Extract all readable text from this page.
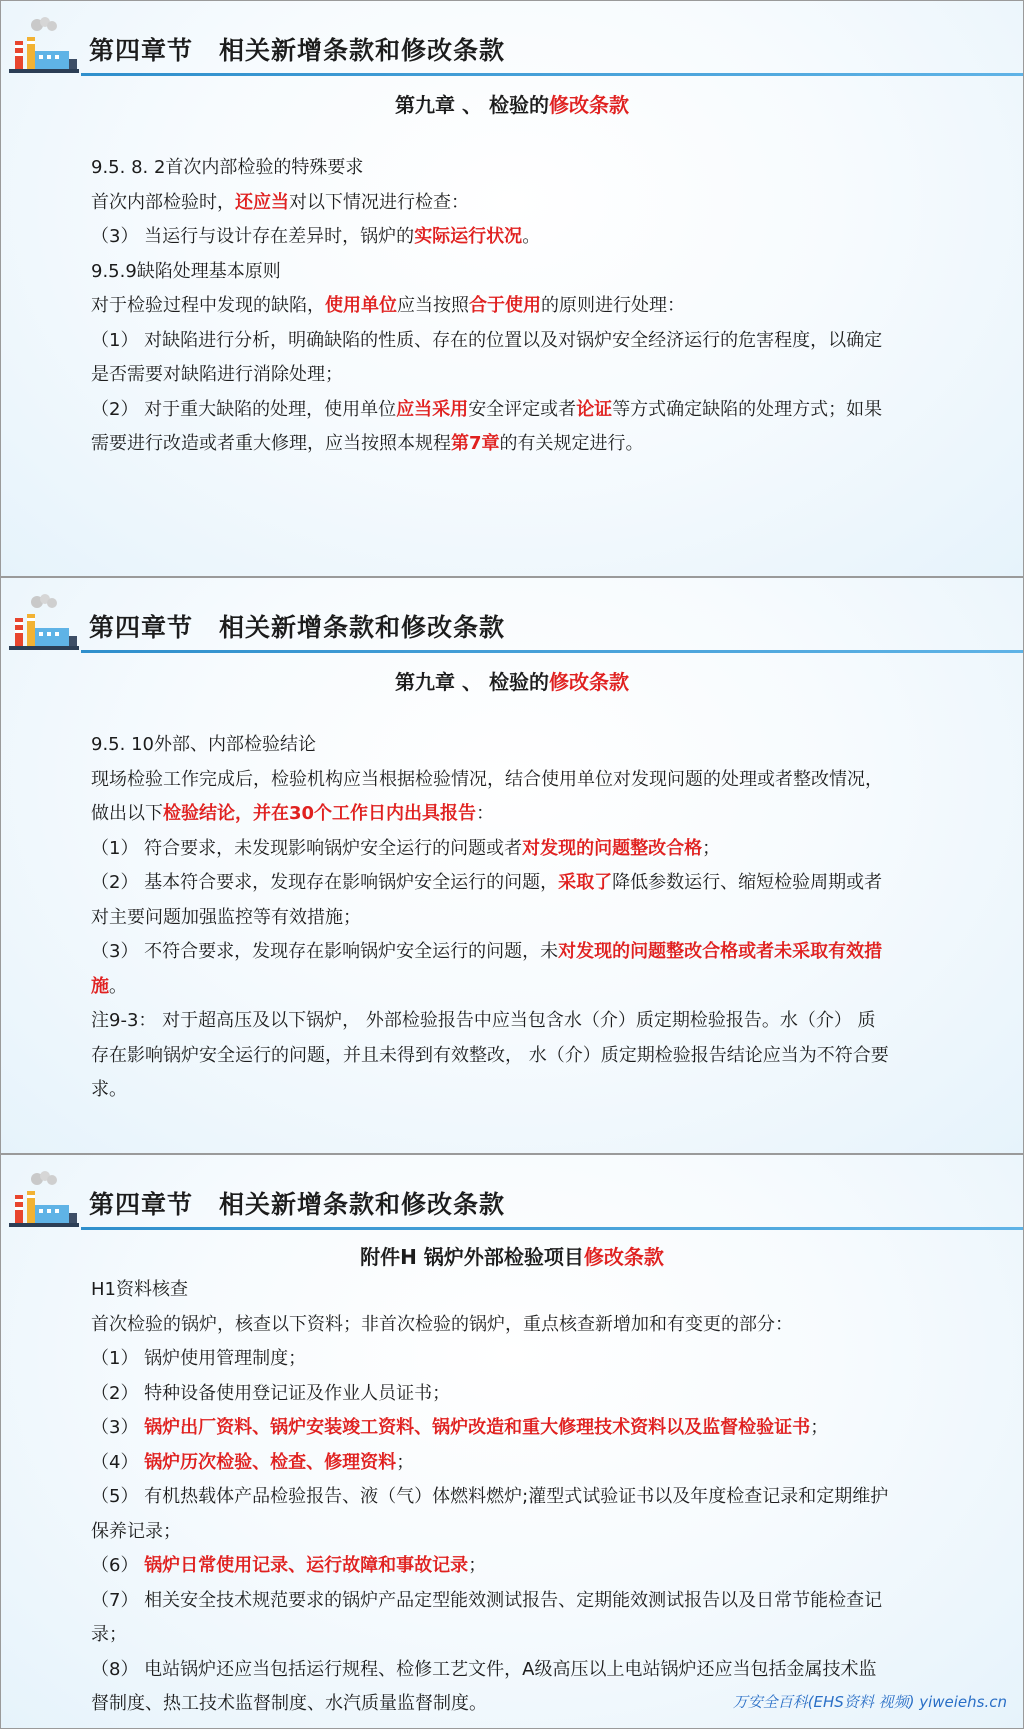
第四章节　相关新增条款和修改条款
第九章 、 检验的修改条款
9.5. 8. 2首次内部检验的特殊要求
首次内部检验时，还应当对以下情况进行检查：
（3） 当运行与设计存在差异时，锅炉的实际运行状况。
9.5.9缺陷处理基本原则
对于检验过程中发现的缺陷，使用单位应当按照合于使用的原则进行处理：
（1） 对缺陷进行分析，明确缺陷的性质、存在的位置以及对锅炉安全经济运行的危害程度，以确定
是否需要对缺陷进行消除处理；
（2） 对于重大缺陷的处理，使用单位应当采用安全评定或者论证等方式确定缺陷的处理方式；如果
需要进行改造或者重大修理，应当按照本规程第7章的有关规定进行。
第四章节　相关新增条款和修改条款
第九章 、 检验的修改条款
9.5. 10外部、内部检验结论
现场检验工作完成后，检验机构应当根据检验情况，结合使用单位对发现问题的处理或者整改情况，
做出以下检验结论，并在30个工作日内出具报告：
（1） 符合要求，未发现影响锅炉安全运行的问题或者对发现的问题整改合格；
（2） 基本符合要求，发现存在影响锅炉安全运行的问题，采取了降低参数运行、缩短检验周期或者
对主要问题加强监控等有效措施；
（3） 不符合要求，发现存在影响锅炉安全运行的问题，未对发现的问题整改合格或者未采取有效措
施。
注9-3： 对于超高压及以下锅炉， 外部检验报告中应当包含水（介）质定期检验报告。水（介） 质
存在影响锅炉安全运行的问题，并且未得到有效整改， 水（介）质定期检验报告结论应当为不符合要
求。
第四章节　相关新增条款和修改条款
附件H 锅炉外部检验项目修改条款
H1资料核查
首次检验的锅炉，核查以下资料；非首次检验的锅炉，重点核查新增加和有变更的部分：
（1） 锅炉使用管理制度；
（2） 特种设备使用登记证及作业人员证书；
（3） 锅炉出厂资料、锅炉安装竣工资料、锅炉改造和重大修理技术资料以及监督检验证书；
（4） 锅炉历次检验、检查、修理资料；
（5） 有机热载体产品检验报告、液（气）体燃料燃炉;灌型式试验证书以及年度检查记录和定期维护
保养记录；
（6） 锅炉日常使用记录、运行故障和事故记录；
（7） 相关安全技术规范要求的锅炉产品定型能效测试报告、定期能效测试报告以及日常节能检查记
录；
（8） 电站锅炉还应当包括运行规程、检修工艺文件，A级高压以上电站锅炉还应当包括金属技术监
督制度、热工技术监督制度、水汽质量监督制度。	万安全百科(EHS资料 视频) yiweiehs.cn
